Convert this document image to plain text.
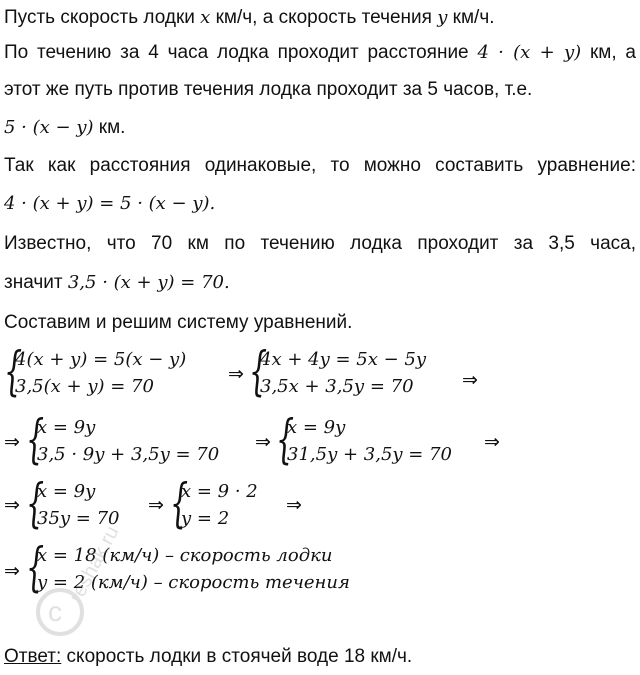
Пусть скорость лодки x км/ч, а скорость течения y км/ч.
По течению за 4 часа лодка проходит расстояние 4 · (x + y) км, а
этот же путь против течения лодка проходит за 5 часов, т.е.
5 · (x − y) км.
Так как расстояния одинаковые, то можно составить уравнение:
4 · (x + y) = 5 · (x − y).
Известно, что 70 км по течению лодка проходит за 3,5 часа,
значит 3,5 · (x + y) = 70.
Составим и решим систему уравнений.
{
4(x + y) = 5(x − y)
3,5(x + y) = 70
⇒ {
4x + 4y = 5x − 5y
3,5x + 3,5y = 70	⇒
⇒ {
x = 9y
3,5 · 9y + 3,5y = 70
⇒ {
x = 9y
31,5y + 3,5y = 70
⇒
⇒ {
x = 9y
35y = 70
⇒ {
x = 9 · 2
y = 2
⇒
⇒ {
x = 18 (км/ч) – скорость лодки
y = 2 (км/ч) – скорость течения
Ответ: скорость лодки в стоячей воде 18 км/ч.
c
reshak.ru
